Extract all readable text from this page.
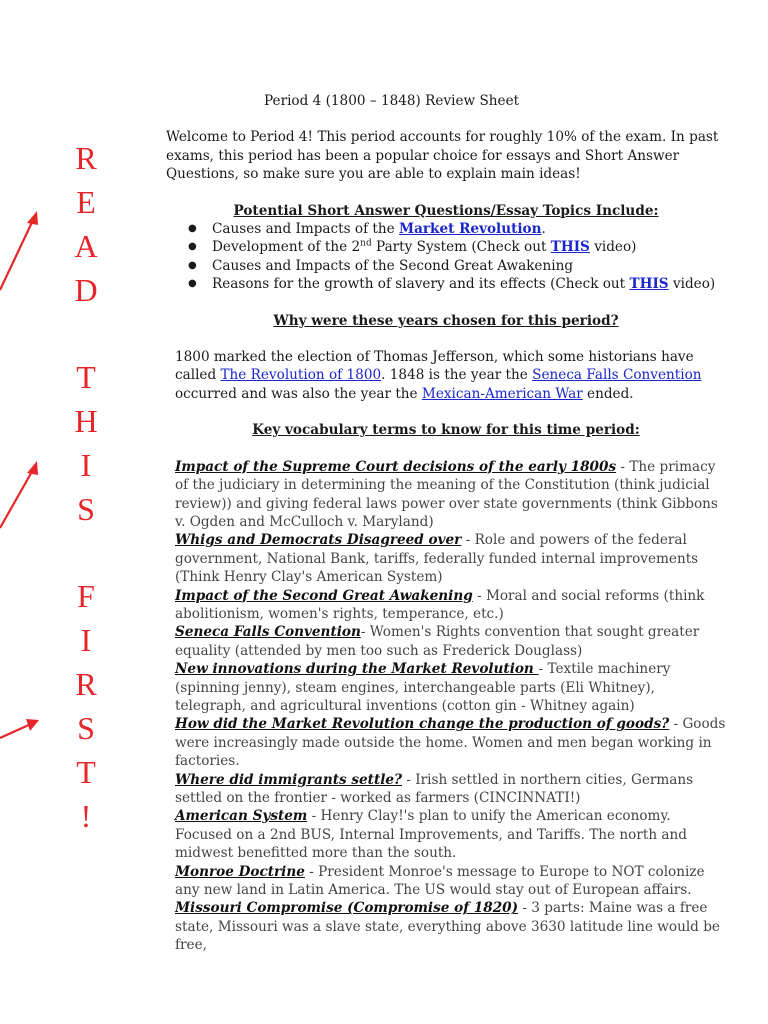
R
E
A
D
T
H
I
S
F
I
R
S
T
!
Period 4 (1800 – 1848) Review Sheet

Welcome to Period 4! This period accounts for roughly 10% of the exam. In past exams, this period has been a popular choice for essays and Short Answer Questions, so make sure you are able to explain main ideas!

Potential Short Answer Questions/Essay Topics Include:
● Causes and Impacts of the Market Revolution.
● Development of the 2nd Party System (Check out THIS video)
● Causes and Impacts of the Second Great Awakening
● Reasons for the growth of slavery and its effects (Check out THIS video)
Why were these years chosen for this period?

1800 marked the election of Thomas Jefferson, which some historians have called The Revolution of 1800. 1848 is the year the Seneca Falls Convention occurred and was also the year the Mexican-American War ended.

Key vocabulary terms to know for this time period:

Impact of the Supreme Court decisions of the early 1800s - The primacy of the judiciary in determining the meaning of the Constitution (think judicial review)) and giving federal laws power over state governments (think Gibbons v. Ogden and McCulloch v. Maryland)

Whigs and Democrats Disagreed over - Role and powers of the federal government, National Bank, tariffs, federally funded internal improvements (Think Henry Clay's American System)

Impact of the Second Great Awakening - Moral and social reforms (think abolitionism, women's rights, temperance, etc.)

Seneca Falls Convention- Women's Rights convention that sought greater equality (attended by men too such as Frederick Douglass)

New innovations during the Market Revolution - Textile machinery (spinning jenny), steam engines, interchangeable parts (Eli Whitney), telegraph, and agricultural inventions (cotton gin - Whitney again)

How did the Market Revolution change the production of goods? - Goods were increasingly made outside the home. Women and men began working in factories.

Where did immigrants settle? - Irish settled in northern cities, Germans settled on the frontier - worked as farmers (CINCINNATI!)

American System - Henry Clay!'s plan to unify the American economy. Focused on a 2nd BUS, Internal Improvements, and Tariffs. The north and midwest benefitted more than the south.

Monroe Doctrine - President Monroe's message to Europe to NOT colonize any new land in Latin America. The US would stay out of European affairs.

Missouri Compromise (Compromise of 1820) - 3 parts: Maine was a free state, Missouri was a slave state, everything above 3630 latitude line would be free,
